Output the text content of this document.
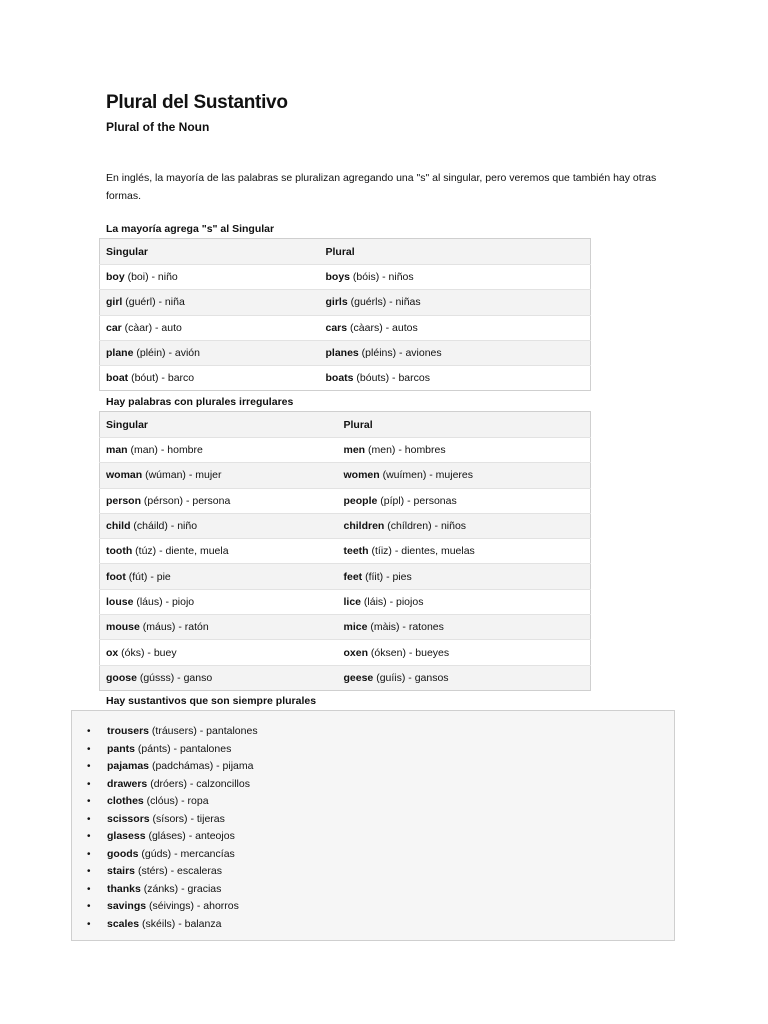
Plural del Sustantivo
Plural of the Noun

En inglés, la mayoría de las palabras se pluralizan agregando una "s" al singular, pero veremos que también hay otras formas.

La mayoría agrega "s" al Singular
Singular	Plural
boy (boi) - niño	boys (bóis) - niños
girl (guérl) - niña	girls (guérls) - niñas
car (càar) - auto	cars (càars) - autos
plane (pléin) - avión	planes (pléins) - aviones
boat (bóut) - barco	boats (bóuts) - barcos
Hay palabras con plurales irregulares
Singular	Plural
man (man) - hombre	men (men) - hombres
woman (wúman) - mujer	women (wuímen) - mujeres
person (pérson) - persona	people (pípl) - personas
child (cháild) - niño	children (chíldren) - niños
tooth (túz) - diente, muela	teeth (tíiz) - dientes, muelas
foot (fút) - pie	feet (fíit) - pies
louse (láus) - piojo	lice (láis) - piojos
mouse (máus) - ratón	mice (màis) - ratones
ox (óks) - buey	oxen (óksen) - bueyes
goose (gússs) - ganso	geese (guíis) - gansos
Hay sustantivos que son siempre plurales
• trousers (tráusers) - pantalones
• pants (pánts) - pantalones
• pajamas (padchámas) - pijama
• drawers (dróers) - calzoncillos
• clothes (clóus) - ropa
• scissors (sísors) - tijeras
• glasess (gláses) - anteojos
• goods (gúds) - mercancías
• stairs (stérs) - escaleras
• thanks (zánks) - gracias
• savings (séivings) - ahorros
• scales (skéils) - balanza
